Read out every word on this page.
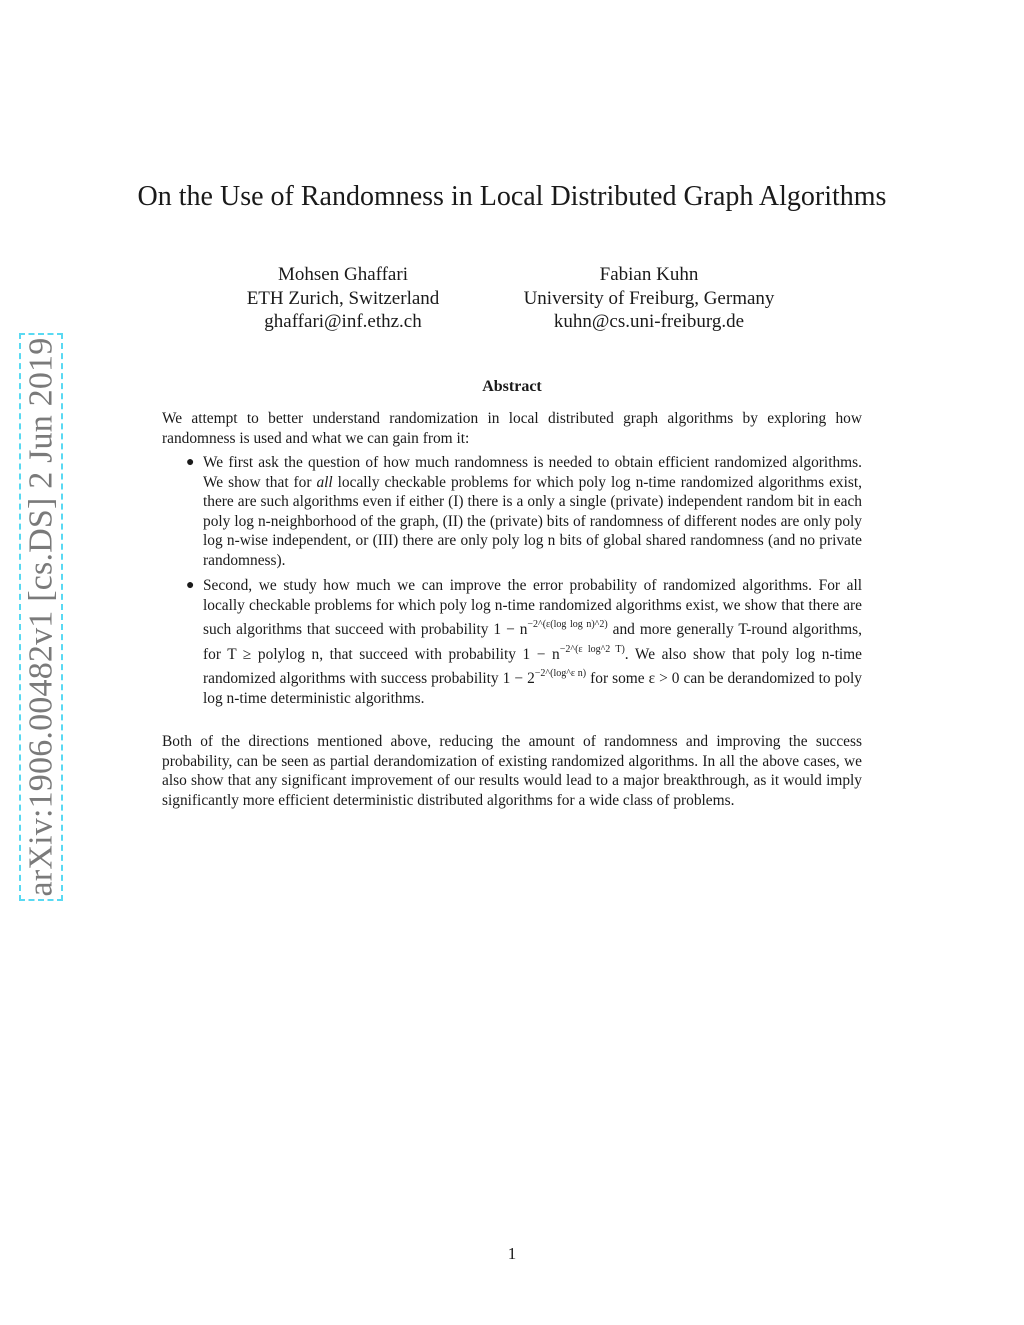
arXiv:1906.00482v1 [cs.DS] 2 Jun 2019
On the Use of Randomness in Local Distributed Graph Algorithms
Mohsen Ghaffari
ETH Zurich, Switzerland
ghaffari@inf.ethz.ch
Fabian Kuhn
University of Freiburg, Germany
kuhn@cs.uni-freiburg.de
Abstract
We attempt to better understand randomization in local distributed graph algorithms by exploring how randomness is used and what we can gain from it:
● We first ask the question of how much randomness is needed to obtain efficient randomized algorithms. We show that for all locally checkable problems for which poly log n-time randomized algorithms exist, there are such algorithms even if either (I) there is a only a single (private) independent random bit in each poly log n-neighborhood of the graph, (II) the (private) bits of randomness of different nodes are only poly log n-wise independent, or (III) there are only poly log n bits of global shared randomness (and no private randomness).
● Second, we study how much we can improve the error probability of randomized algorithms. For all locally checkable problems for which poly log n-time randomized algorithms exist, we show that there are such algorithms that succeed with probability $1 - n^{-2\^{}(\varepsilon(log log n)\^{}2)}$ and more generally T-round algorithms, for T ≥ polylog n, that succeed with probability $1 - n^{-2\^{}(\varepsilon log\^{}2 T)}$. We also show that poly log n-time randomized algorithms with success probability $1 - 2^{-2\^{}(log\^{}\varepsilon n)}$ for some ε > 0 can be derandomized to poly log n-time deterministic algorithms.
Both of the directions mentioned above, reducing the amount of randomness and improving the success probability, can be seen as partial derandomization of existing randomized algorithms. In all the above cases, we also show that any significant improvement of our results would lead to a major breakthrough, as it would imply significantly more efficient deterministic distributed algorithms for a wide class of problems.
1
